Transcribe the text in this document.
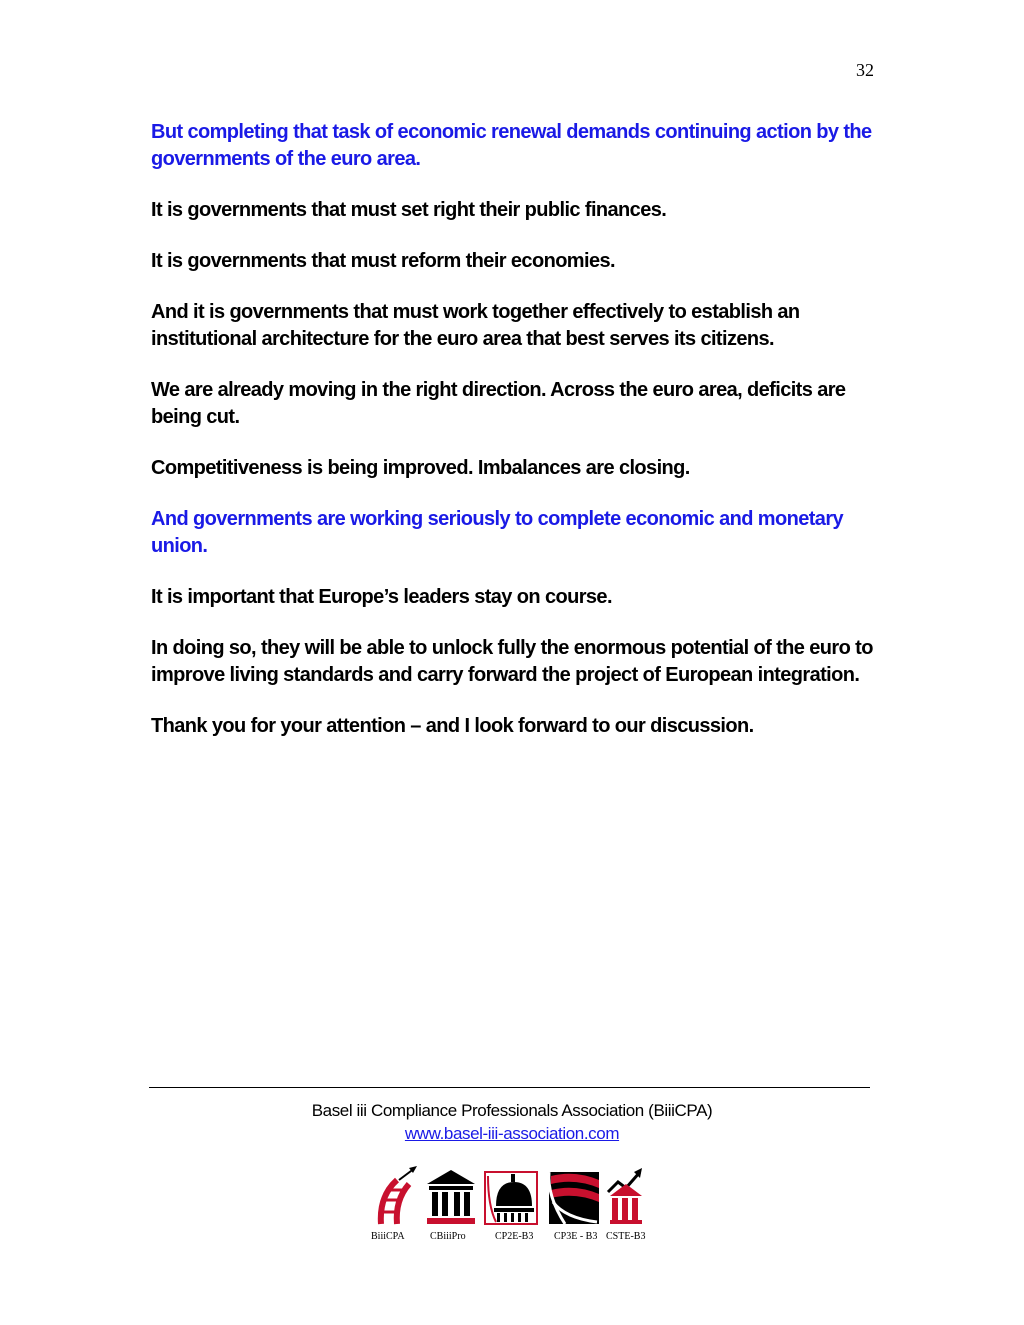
32

But completing that task of economic renewal demands continuing action by the governments of the euro area.

It is governments that must set right their public finances.

It is governments that must reform their economies.

And it is governments that must work together effectively to establish an institutional architecture for the euro area that best serves its citizens.

We are already moving in the right direction. Across the euro area, deficits are being cut.

Competitiveness is being improved. Imbalances are closing.

And governments are working seriously to complete economic and monetary union.

It is important that Europe’s leaders stay on course.

In doing so, they will be able to unlock fully the enormous potential of the euro to improve living standards and carry forward the project of European integration.

Thank you for your attention – and I look forward to our discussion.

Basel iii Compliance Professionals Association (BiiiCPA)
www.basel-iii-association.com
BiiiCPA	CBiiiPro	CP2E-B3 CP3E - B3 CSTE-B3
